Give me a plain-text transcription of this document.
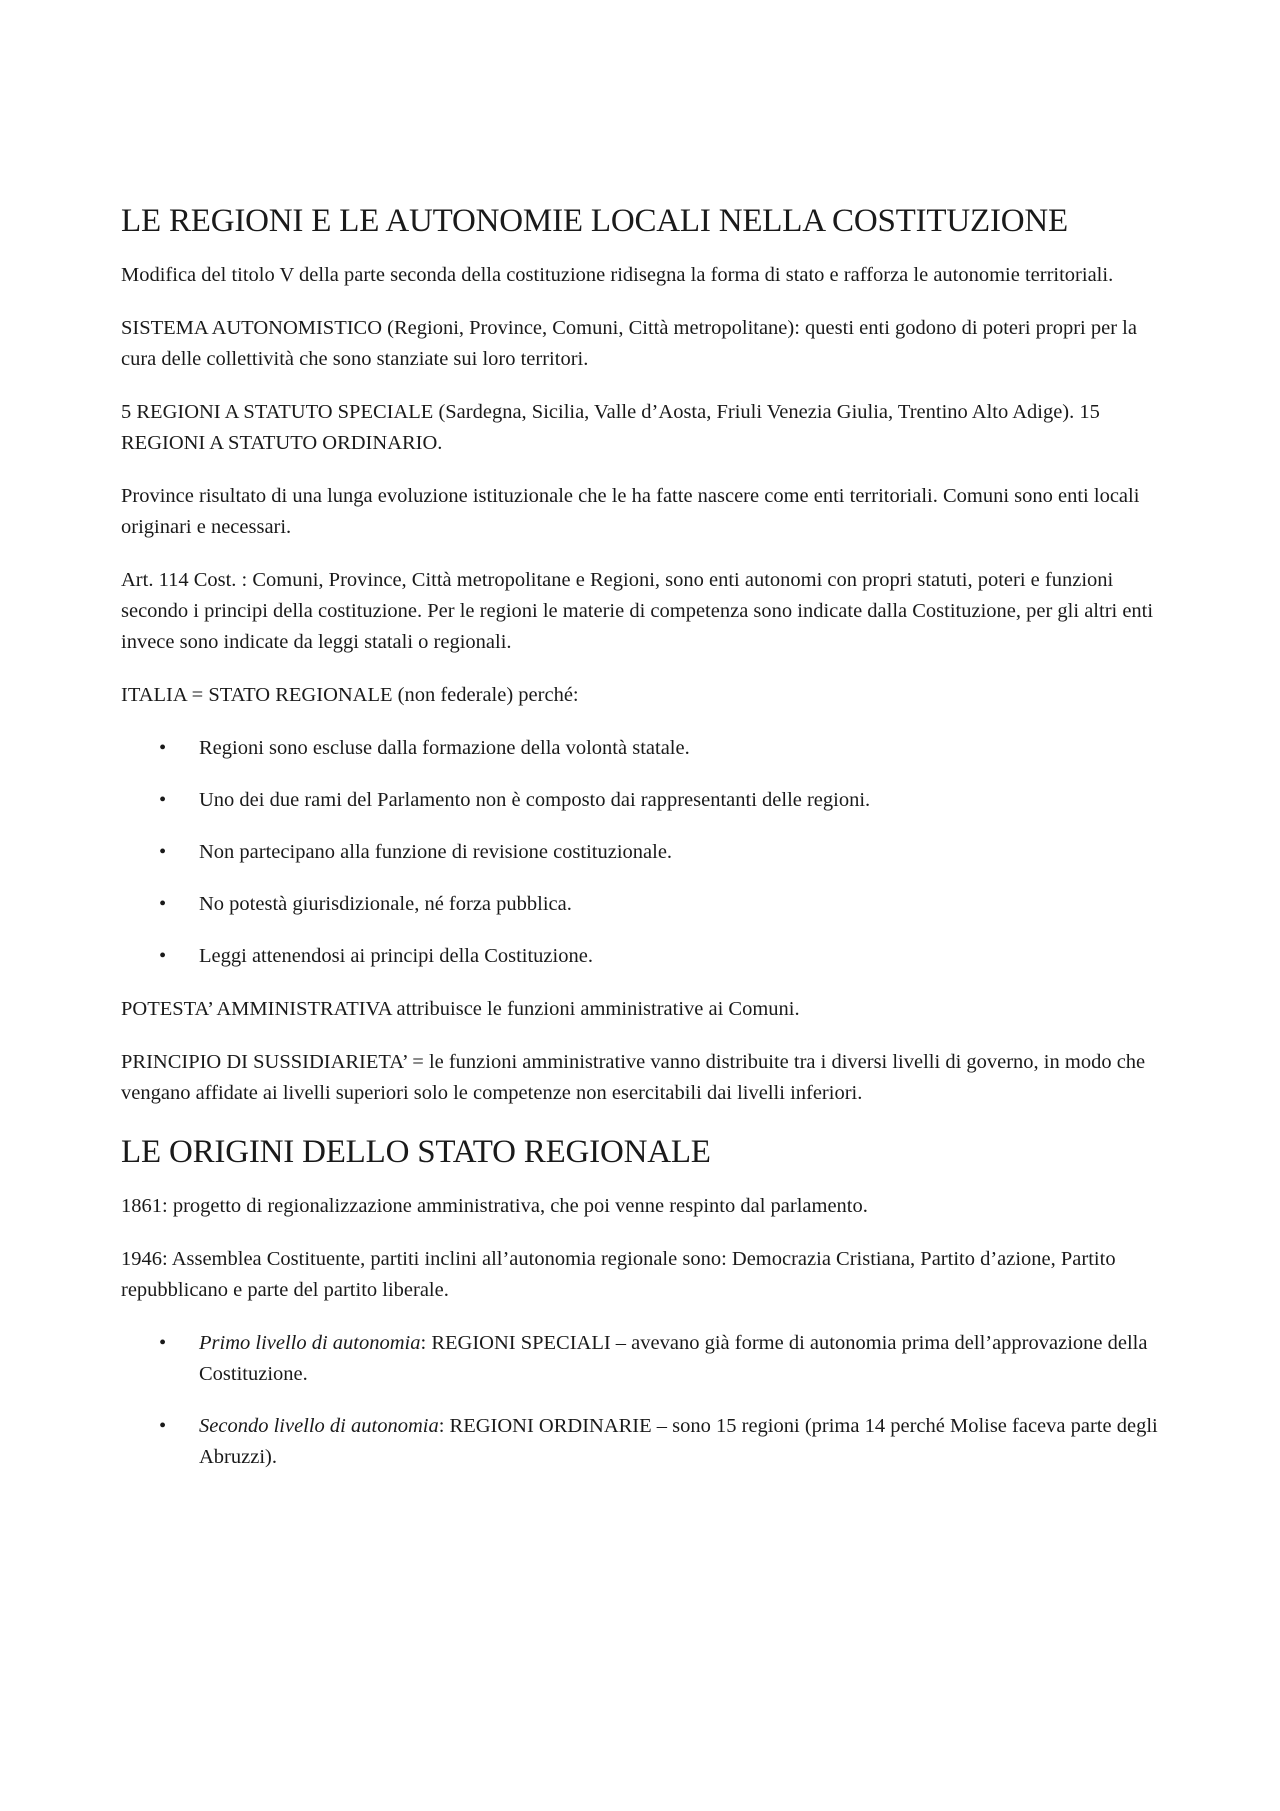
LE REGIONI E LE AUTONOMIE LOCALI NELLA COSTITUZIONE

Modifica del titolo V della parte seconda della costituzione ridisegna la forma di stato e rafforza le autonomie territoriali.

SISTEMA AUTONOMISTICO (Regioni, Province, Comuni, Città metropolitane): questi enti godono di poteri propri per la cura delle collettività che sono stanziate sui loro territori.

5 REGIONI A STATUTO SPECIALE (Sardegna, Sicilia, Valle d’Aosta, Friuli Venezia Giulia, Trentino Alto Adige). 15 REGIONI A STATUTO ORDINARIO.

Province risultato di una lunga evoluzione istituzionale che le ha fatte nascere come enti territoriali. Comuni sono enti locali originari e necessari.

Art. 114 Cost. : Comuni, Province, Città metropolitane e Regioni, sono enti autonomi con propri statuti, poteri e funzioni secondo i principi della costituzione. Per le regioni le materie di competenza sono indicate dalla Costituzione, per gli altri enti invece sono indicate da leggi statali o regionali.

ITALIA = STATO REGIONALE (non federale) perché:

• Regioni sono escluse dalla formazione della volontà statale.
• Uno dei due rami del Parlamento non è composto dai rappresentanti delle regioni.
• Non partecipano alla funzione di revisione costituzionale.
• No potestà giurisdizionale, né forza pubblica.
• Leggi attenendosi ai principi della Costituzione.

POTESTA’ AMMINISTRATIVA attribuisce le funzioni amministrative ai Comuni.

PRINCIPIO DI SUSSIDIARIETA’ = le funzioni amministrative vanno distribuite tra i diversi livelli di governo, in modo che vengano affidate ai livelli superiori solo le competenze non esercitabili dai livelli inferiori.

LE ORIGINI DELLO STATO REGIONALE

1861: progetto di regionalizzazione amministrativa, che poi venne respinto dal parlamento.

1946: Assemblea Costituente, partiti inclini all’autonomia regionale sono: Democrazia Cristiana, Partito d’azione, Partito repubblicano e parte del partito liberale.

• Primo livello di autonomia: REGIONI SPECIALI – avevano già forme di autonomia prima dell’approvazione della Costituzione.
• Secondo livello di autonomia: REGIONI ORDINARIE – sono 15 regioni (prima 14 perché Molise faceva parte degli Abruzzi).
